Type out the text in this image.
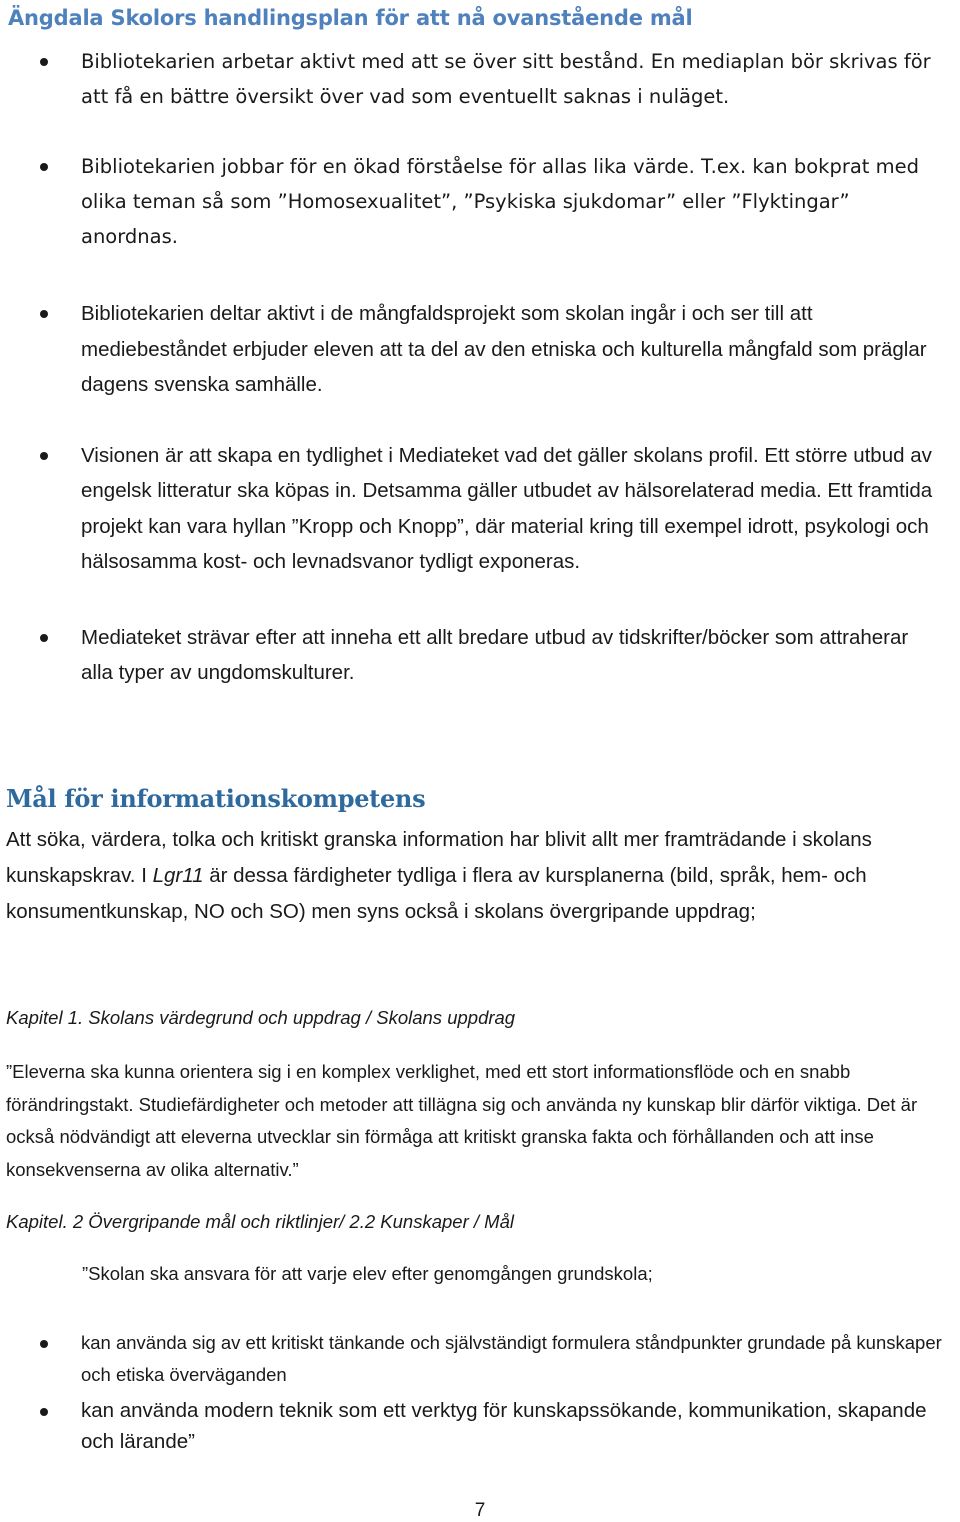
Ängdala Skolors handlingsplan för att nå ovanstående mål
Bibliotekarien arbetar aktivt med att se över sitt bestånd. En mediaplan bör skrivas för att få en bättre översikt över vad som eventuellt saknas i nuläget.
Bibliotekarien jobbar för en ökad förståelse för allas lika värde. T.ex. kan bokprat med olika teman så som ”Homosexualitet”, ”Psykiska sjukdomar” eller ”Flyktingar” anordnas.
Bibliotekarien deltar aktivt i de mångfaldsprojekt som skolan ingår i och ser till att mediebeståndet erbjuder eleven att ta del av den etniska och kulturella mångfald som präglar dagens svenska samhälle.
Visionen är att skapa en tydlighet i Mediateket vad det gäller skolans profil. Ett större utbud av engelsk litteratur ska köpas in. Detsamma gäller utbudet av hälsorelaterad media. Ett framtida projekt kan vara hyllan ”Kropp och Knopp”, där material kring till exempel idrott, psykologi och hälsosamma kost- och levnadsvanor tydligt exponeras.
Mediateket strävar efter att inneha ett allt bredare utbud av tidskrifter/böcker som attraherar alla typer av ungdomskulturer.
Mål för informationskompetens

Att söka, värdera, tolka och kritiskt granska information har blivit allt mer framträdande i skolans kunskapskrav. I Lgr11 är dessa färdigheter tydliga i flera av kursplanerna (bild, språk, hem- och konsumentkunskap, NO och SO) men syns också i skolans övergripande uppdrag;

Kapitel 1. Skolans värdegrund och uppdrag / Skolans uppdrag

”Eleverna ska kunna orientera sig i en komplex verklighet, med ett stort informationsflöde och en snabb förändringstakt. Studiefärdigheter och metoder att tillägna sig och använda ny kunskap blir därför viktiga. Det är också nödvändigt att eleverna utvecklar sin förmåga att kritiskt granska fakta och förhållanden och att inse konsekvenserna av olika alternativ.”

Kapitel. 2 Övergripande mål och riktlinjer/ 2.2 Kunskaper / Mål

”Skolan ska ansvara för att varje elev efter genomgången grundskola;

kan använda sig av ett kritiskt tänkande och självständigt formulera ståndpunkter grundade på kunskaper och etiska överväganden
kan använda modern teknik som ett verktyg för kunskapssökande, kommunikation, skapande och lärande”
7
